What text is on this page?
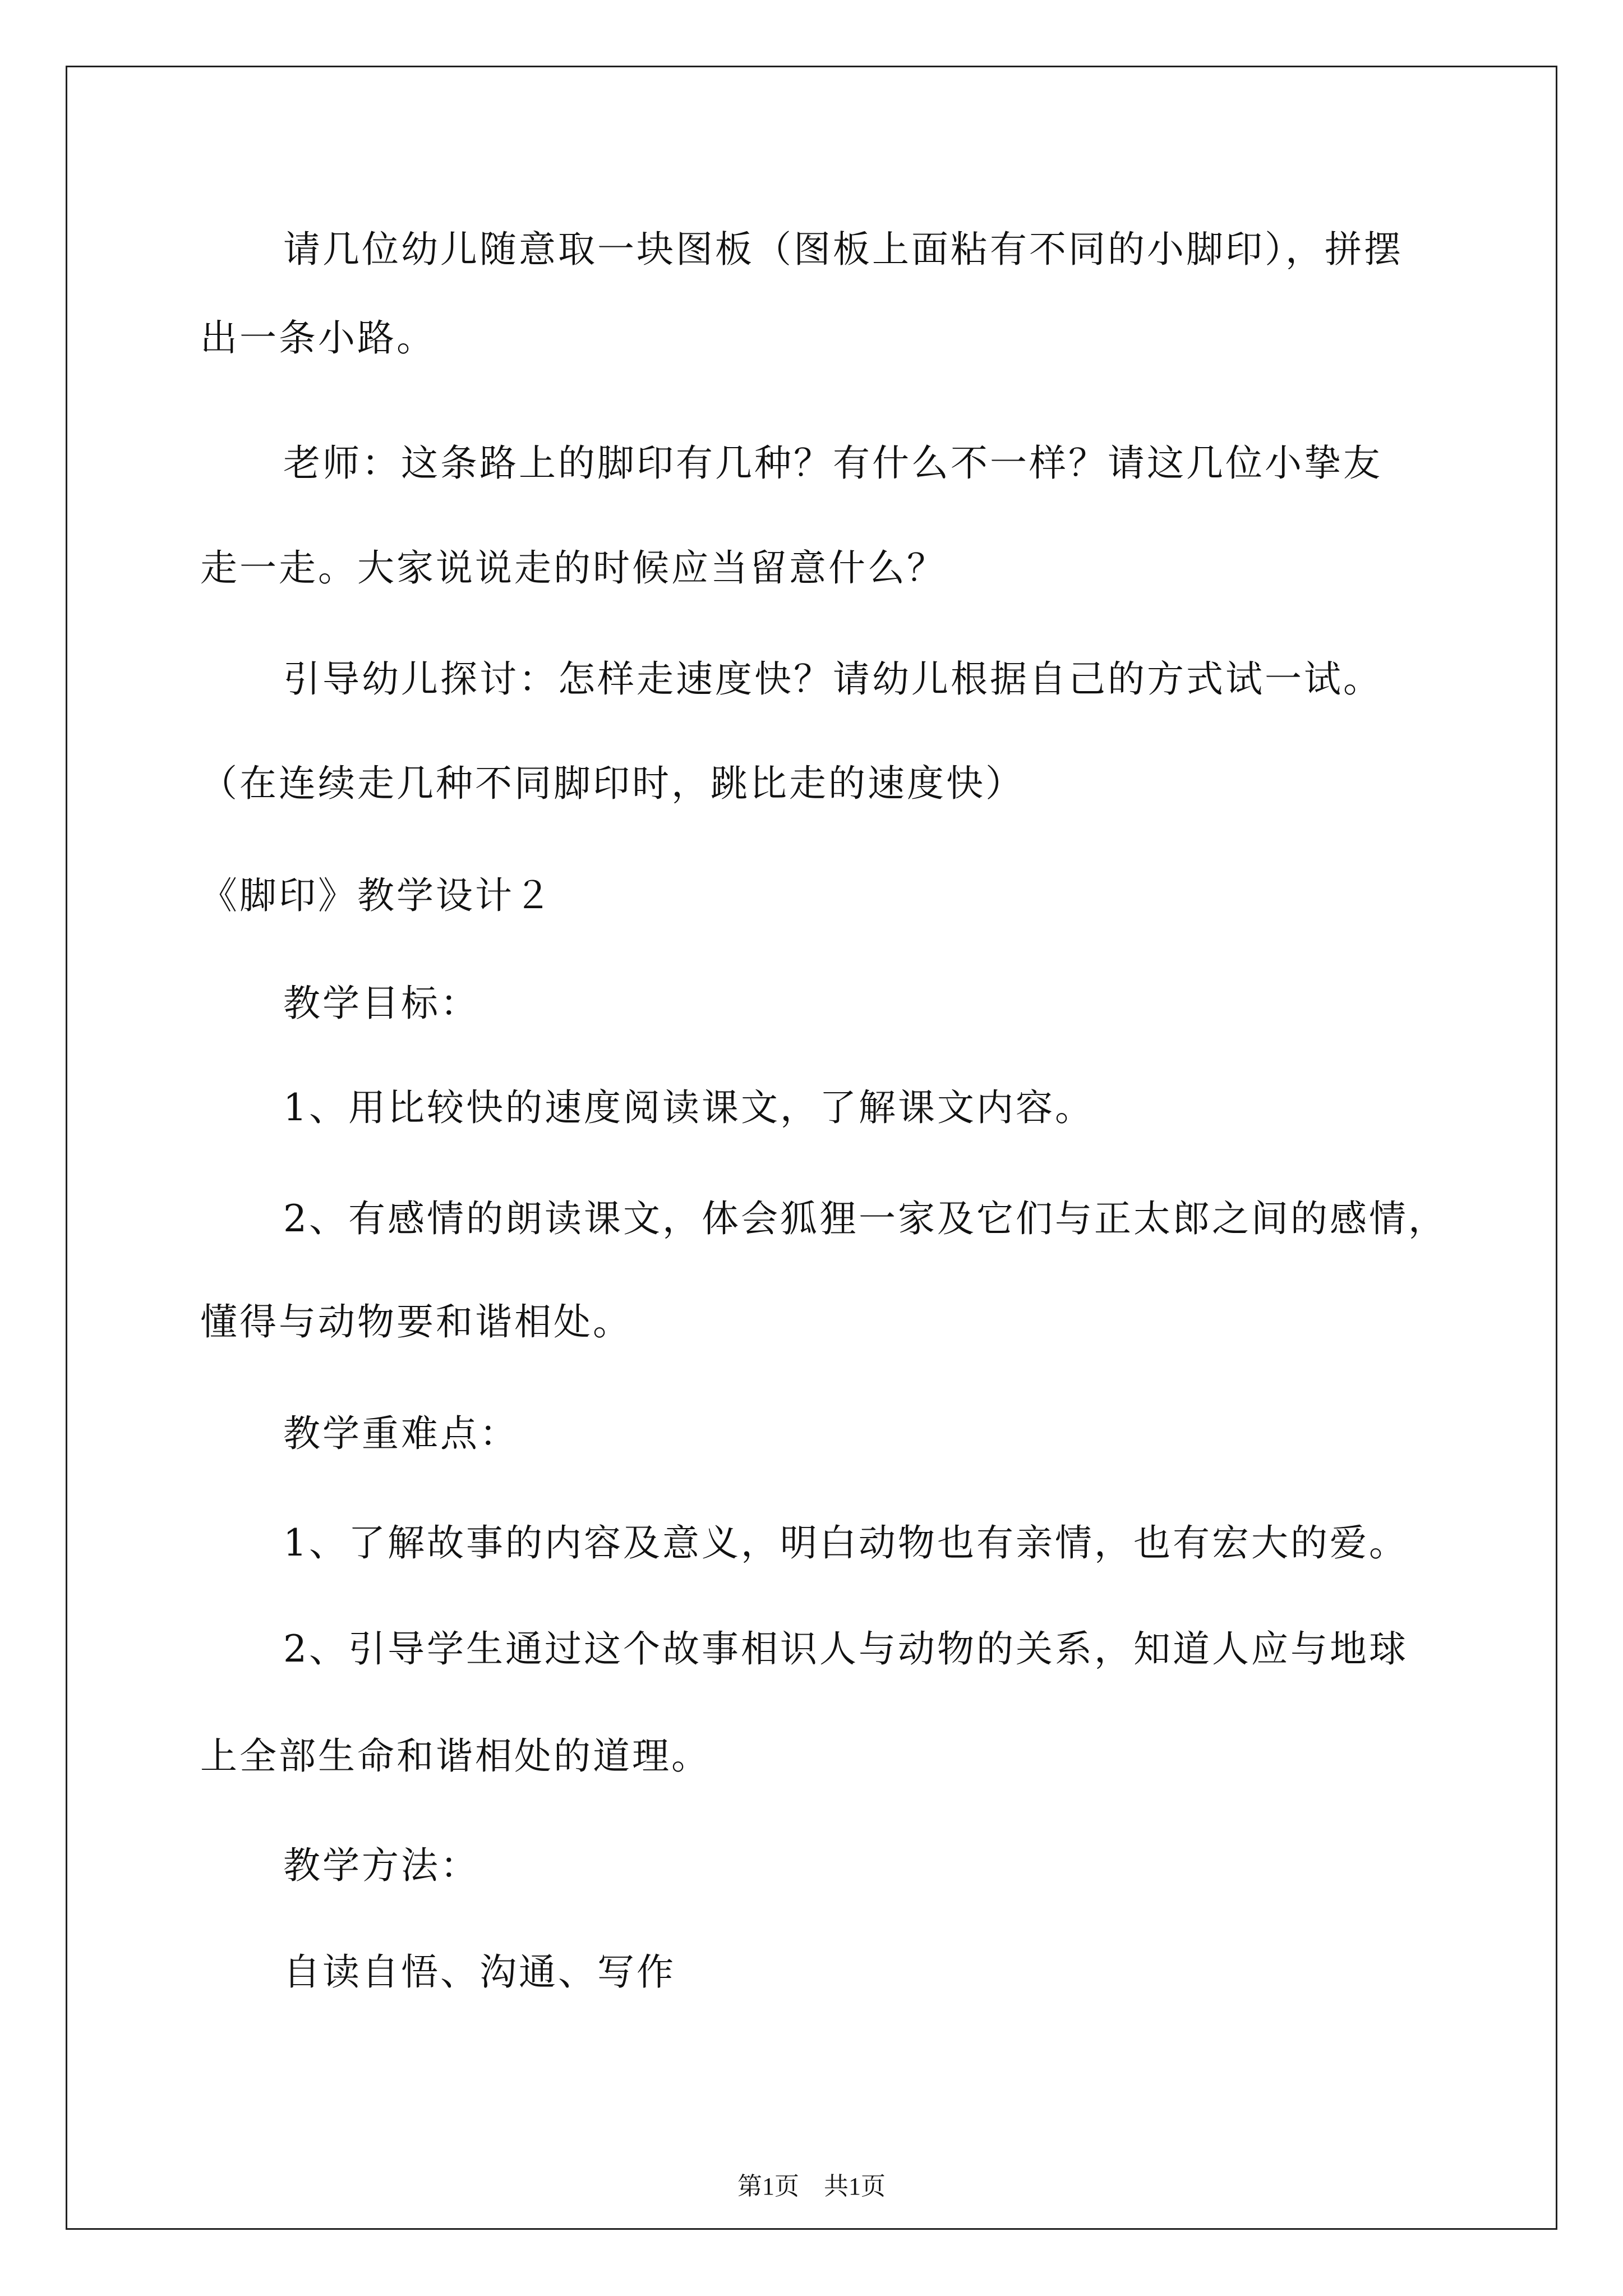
请几位幼儿随意取一块图板（图板上面粘有不同的小脚印），拼摆
出一条小路。
老师：这条路上的脚印有几种？有什么不一样？请这几位小挚友
走一走。大家说说走的时候应当留意什么？
引导幼儿探讨：怎样走速度快？请幼儿根据自己的方式试一试。
（在连续走几种不同脚印时，跳比走的速度快）
《脚印》教学设计２
教学目标：
1、用比较快的速度阅读课文，了解课文内容。
2、有感情的朗读课文，体会狐狸一家及它们与正太郎之间的感情，
懂得与动物要和谐相处。
教学重难点：
1、了解故事的内容及意义，明白动物也有亲情，也有宏大的爱。
2、引导学生通过这个故事相识人与动物的关系，知道人应与地球
上全部生命和谐相处的道理。
教学方法：
自读自悟、沟通、写作
第1页　共1页
